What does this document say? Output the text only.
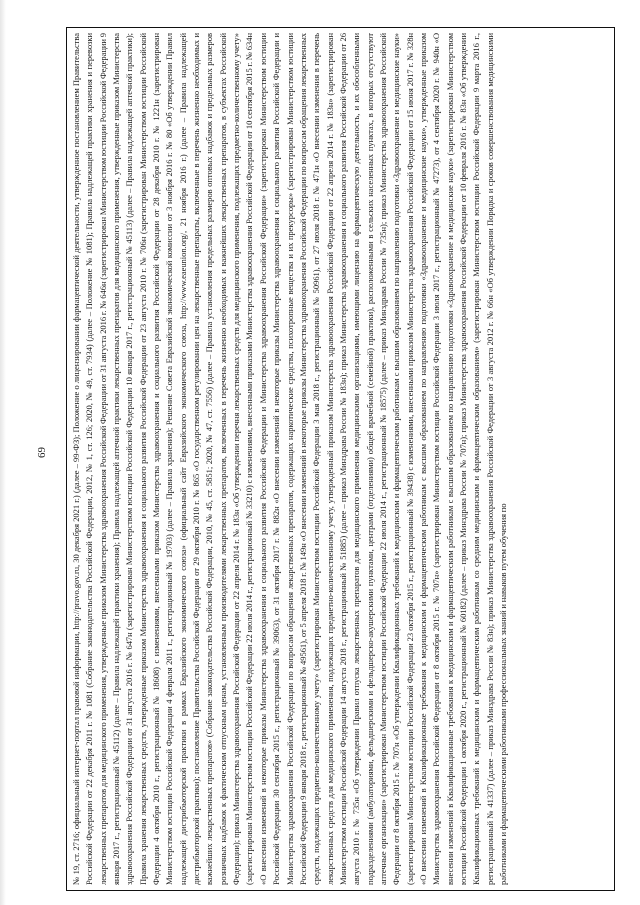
69	№ 19, ст. 2716; официальный интернет-портал правовой информации, http://pravo.gov.ru, 30 декабря 2021 г.) (далее – 99-ФЗ); Положение о лицензировании фармацевтической деятельности, утвержденное постановлением Правительства Российской Федерации от 22 декабря 2011 г. № 1081 (Собрание законодательства Российской Федерации, 2012, № 1, ст. 126; 2020, № 49, ст. 7934) (далее – Положение № 1081); Правила надлежащей практики хранения и перевозки лекарственных препаратов для медицинского применения, утвержденные приказом Министерства здравоохранения Российской Федерации от 31 августа 2016 г. № 646н (зарегистрирован Министерством юстиции Российской Федерации 9 января 2017 г., регистрационный № 45112) (далее – Правила надлежащей практики хранения); Правила надлежащей аптечной практики лекарственных препаратов для медицинского применения, утвержденные приказом Министерства здравоохранения Российской Федерации от 31 августа 2016 г. № 647н (зарегистрирован Министерством юстиции Российской Федерации 10 января 2017 г., регистрационный № 45113) (далее – Правила надлежащей аптечной практики); Правила хранения лекарственных средств, утвержденные приказом Министерства здравоохранения и социального развития Российской Федерации от 23 августа 2010 г. № 706н (зарегистрирован Министерством юстиции Российской Федерации 4 октября 2010 г., регистрационный № 18608) с изменениями, внесенными приказом Министерства здравоохранения и социального развития Российской Федерации от 28 декабря 2010 г. № 1221н (зарегистрирован Министерством юстиции Российской Федерации 4 февраля 2011 г., регистрационный № 19703) (далее – Правила хранения); Решение Совета Евразийской экономической комиссии от 3 ноября 2016 г. № 80 «Об утверждении Правил надлежащей дистрибьюторской практики в рамках Евразийского экономического союза» (официальный сайт Евразийского экономического союза, http://www.eaeunion.org/, 21 ноября 2016 г.) (далее – Правила надлежащей дистрибьюторской практики); постановление Правительства Российской Федерации от 29 октября 2010 г. № 865 «О государственном регулировании цен на лекарственные препараты, включенные в перечень жизненно необходимых и важнейших лекарственных препаратов» (Собрание законодательства Российской Федерации, 2010, № 45, ст. 5851; 2020, № 47, ст. 7556) (далее – Правила установления предельных размеров оптовых надбавок и предельных размеров розничных надбавок к фактическим отпускным ценам, установленным производителями лекарственных препаратов, включенных в перечень жизненно необходимых и важнейших лекарственных препаратов, в субъектах Российской Федерации); приказ Министерства здравоохранения Российской Федерации от 22 апреля 2014 г. № 183н «Об утверждении перечня лекарственных средств для медицинского применения, подлежащих предметно-количественному учету» (зарегистрирован Министерством юстиции Российской Федерации 22 июля 2014 г., регистрационный № 33210) с изменениями, внесенными приказами Министерства здравоохранения Российской Федерации от 10 сентября 2015 г. № 634н «О внесении изменений в некоторые приказы Министерства здравоохранения и социального развития Российской Федерации и Министерства здравоохранения Российской Федерации» (зарегистрирован Министерством юстиции Российской Федерации 30 сентября 2015 г., регистрационный № 39063), от 31 октября 2017 г. № 882н «О внесении изменений в некоторые приказы Министерства здравоохранения и социального развития Российской Федерации и Министерства здравоохранения Российской Федерации по вопросам обращения лекарственных препаратов, содержащих наркотические средства, психотропные вещества и их прекурсоры» (зарегистрирован Министерством юстиции Российской Федерации 9 января 2018 г., регистрационный № 49561), от 5 апреля 2018 г. № 149н «О внесении изменений в некоторые приказы Министерства здравоохранения Российской Федерации по вопросам обращения лекарственных средств, подлежащих предметно-количественному учету» (зарегистрирован Министерством юстиции Российской Федерации 3 мая 2018 г., регистрационный № 50961), от 27 июля 2018 г. № 471н «О внесении изменения в перечень лекарственных средств для медицинского применения, подлежащих предметно-количественному учету, утвержденный приказом Министерства здравоохранения Российской Федерации от 22 апреля 2014 г. № 183н» (зарегистрирован Министерством юстиции Российской Федерации 14 августа 2018 г., регистрационный № 51885) (далее – приказ Минздрава России № 183н); приказ Министерства здравоохранения и социального развития Российской Федерации от 26 августа 2010 г. № 735н «Об утверждении Правил отпуска лекарственных препаратов для медицинского применения медицинскими организациями, имеющими лицензию на фармацевтическую деятельность, и их обособленными подразделениями (амбулаториями, фельдшерскими и фельдшерско-акушерскими пунктами, центрами (отделениями) общей врачебной (семейной) практики), расположенными в сельских населенных пунктах, в которых отсутствуют аптечные организации» (зарегистрирован Министерством юстиции Российской Федерации 22 июля 2014 г., регистрационный № 18575) (далее – приказ Минздрава России № 735н); приказ Министерства здравоохранения Российской Федерации от 8 октября 2015 г. № 707н «Об утверждении Квалификационных требований к медицинским и фармацевтическим работникам с высшим образованием по направлению подготовки «Здравоохранение и медицинские науки» (зарегистрирован Министерством юстиции Российской Федерации 23 октября 2015 г., регистрационный № 39438) с изменениями, внесенными приказом Министерства здравоохранения Российской Федерации от 15 июня 2017 г. № 328н «О внесении изменений в Квалификационные требования к медицинским и фармацевтическим работникам с высшим образованием по направлению подготовки «Здравоохранение и медицинские науки», утвержденные приказом Министерства здравоохранения Российской Федерации от 8 октября 2015 г. № 707н» (зарегистрирован Министерством юстиции Российской Федерации 3 июля 2017 г., регистрационный № 47273), от 4 сентября 2020 г. № 940н «О внесении изменений в Квалификационные требования к медицинским и фармацевтическим работникам с высшим образованием по направлению подготовки «Здравоохранение и медицинские науки» (зарегистрирован Министерством юстиции Российской Федерации 1 октября 2020 г., регистрационный № 60182) (далее – приказ Минздрава России № 707н); приказ Министерства здравоохранения Российской Федерации от 10 февраля 2016 г. № 83н «Об утверждении Квалификационных требований к медицинским и фармацевтическим работникам со средним медицинским и фармацевтическим образованием» (зарегистрирован Министерством юстиции Российской Федерации 9 марта 2016 г., регистрационный № 41337) (далее – приказ Минздрава России № 83н); приказ Министерства здравоохранения Российской Федерации от 3 августа 2012 г. № 66н «Об утверждении Порядка и сроков совершенствования медицинскими работниками и фармацевтическими работниками профессиональных знаний и навыков путем обучения по
